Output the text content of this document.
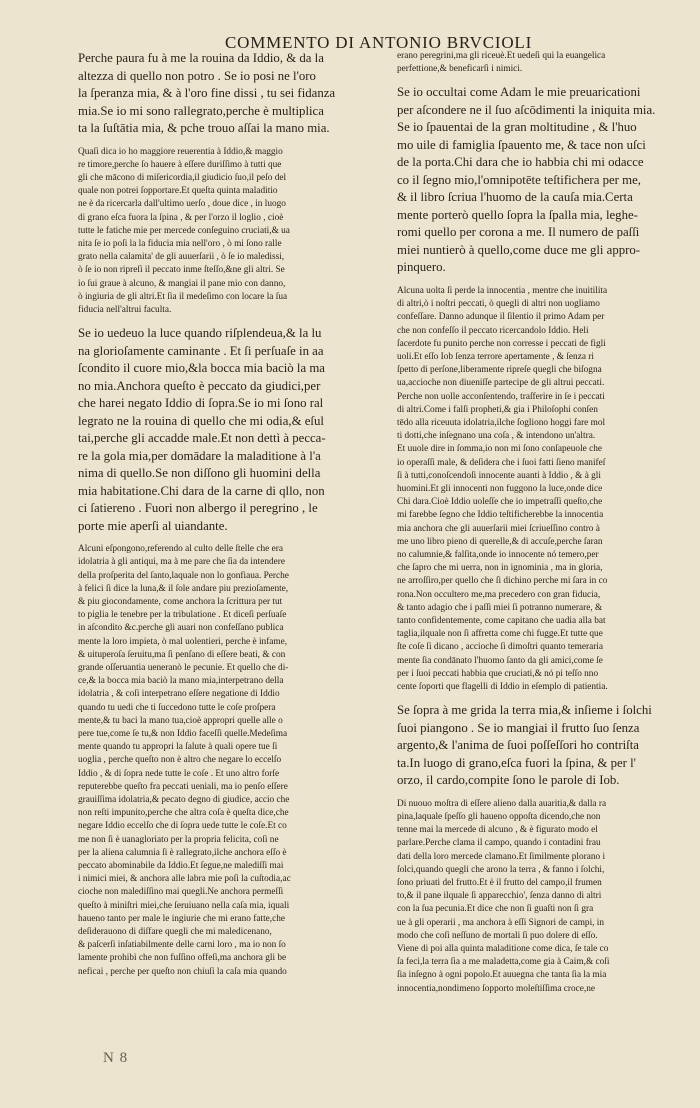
COMMENTO DI ANTONIO BRVCIOLI
Perche paura fu à me la rouina da Iddio, & da la
altezza di quello non potro . Se io posi ne l'oro
la ſperanza mia, & à l'oro fine dissi , tu sei fidanza
mia.Se io mi sono rallegrato,perche è multiplica
ta la ſuſtātia mia, & pche trouo aſſai la mano mia.
Quaſi dica io ho maggiore reuerentia à Iddio,& maggio
re timore,perche ſo hauere à eſſere duriſſimo à tutti que
gli che mācono di miſericordia,il giudicio ſuo,il peſo del
quale non potrei ſopportare.Et queſta quinta maladitio
ne è da ricercarla dall'ultimo uerſo , doue dice , in luogo
di grano eſca fuora la ſpina , & per l'orzo il loglio , cioè
tutte le fatiche mie per mercede conſeguino cruciati,& ua
nita ſe io poſi la la fiducia mia nell'oro , ò mi ſono ralle
grato nella calamita' de gli auuerſarii , ò ſe io maledissi,
ò ſe io non ripreſi il peccato inme ſteſſo,&ne gli altri. Se
io ſui graue à alcuno, & mangiai il pane mio con danno,
ò ingiuria de gli altri.Et ſia il medeſimo con locare la ſua
fiducia nell'altrui faculta.
Se io uedeuo la luce quando riſplendeua,& la lu
na glorioſamente caminante . Et ſi perſuaſe in aa
ſcondito il cuore mio,&la bocca mia baciò la ma
no mia.Anchora queſto è peccato da giudici,per
che harei negato Iddio di ſopra.Se io mi ſono ral
legrato ne la rouina di quello che mi odia,& eſul
tai,perche gli accadde male.Et non dettì à pecca-
re la gola mia,per domādare la maladitione à l'a
nima di quello.Se non diſſono gli huomini della
mia habitatione.Chi dara de la carne di qllo, non
ci ſatiereno . Fuori non albergo il peregrino , le
porte mie aperſi al uiandante.
Alcuni eſpongono,referendo al culto delle ſtelle che era
idolatria à gli antiqui, ma à me pare che ſia da intendere
della proſperita del ſanto,laquale non lo gonfiaua. Perche
à felici ſi dice la luna,& il ſole andare piu prezioſamente,
& piu giocondamente, come anchora la ſcrittura per tut
to piglia le tenebre per la tribulatione . Et diceſi perſuaſe
in aſcondito &c.perche gli auari non confeſſano publica
mente la loro impieta, ò mal uolentieri, perche è infame,
& uituperoſa ſeruitu,ma ſi penſano di eſſere beati, & con
grande oſſeruantia ueneranò le pecunie. Et quello che di-
ce,& la bocca mia baciò la mano mia,interpetrano della
idolatria , & coſi interpetrano eſſere negatione di Iddio
quando tu uedi che ti ſuccedono tutte le coſe proſpera
mente,& tu baci la mano tua,cioè appropri quelle alle o
pere tue,come ſe tu,& non Iddio faceſſi quelle.Medeſima
mente quando tu appropri la ſalute à quali opere tue ſi
uoglia , perche queſto non è altro che negare lo eccelſo
Iddio , & di ſopra nede tutte le coſe . Et uno altro forſe
reputerebbe queſto fra peccati ueniali, ma io penſo eſſere
grauiſſima idolatria,& pecato degno di giudice, accio che
non reſti impunito,perche che altra coſa è queſta dice,che
negare Iddio eccelſo che di ſopra uede tutte le coſe.Et co
me non ſi è uanagloriato per la propria felicita, coſi ne
per la aliena calumnia ſi è rallegrato,ilche anchora eſſo è
peccato abominabile da Iddio.Et ſegue,ne malediſſi mai
i nimici miei, & anchora alle labra mie poſi la cuſtodia,ac
cioche non malediſſino mai quegli.Ne anchora permeſſi
queſto à miniſtri miei,che ſeruiuano nella caſa mia, iquali
haueno tanto per male le ingiurie che mi erano fatte,che
deſiderauono di diſfare quegli che mi maledicenano,
& paſcerſi inſatiabilmente delle carni loro , ma io non ſo
lamente prohibì che non fuſſino offeſi,ma anchora gli be
neficai , perche per queſto non chiuſi la caſa mia quando
erano peregrini,ma gli riceuè.Et uedeſi qui la euangelica
perfettione,& beneficarſi i nimici.
Se io occultai come Adam le mie preuaricationi
per aſcondere ne il ſuo aſcōdimenti la iniquita mia.
Se io ſpauentai de la gran moltitudine , & l'huo
mo uile di famiglia ſpauento me, & tace non uſci
de la porta.Chi dara che io habbia chi mi odacce
co il ſegno mio,l'omnipotēte teſtifichera per me,
& il libro ſcriua l'huomo de la cauſa mia.Certa
mente porterò quello ſopra la ſpalla mia, leghe-
romi quello per corona a me. Il numero de paſſi
miei nuntierò à quello,come duce me gli appro-
pinquero.
Alcuna uolta ſi perde la innocentia , mentre che inuitilita
di altri,ò i noſtri peccati, ò quegli di altri non uogliamo
confeſſare. Danno adunque il ſilentio il primo Adam per
che non confeſſo il peccato ricercandolo Iddio. Heli
ſacerdote fu punito perche non corresse i peccati de figli
uoli.Et eſſo Iob ſenza terrore apertamente , & ſenza ri
ſpetto di perſone,liberamente ripreſe quegli che biſogna
ua,accioche non diueniſſe partecipe de gli altrui peccati.
Perche non uolle acconſentendo, traſferire in ſe i peccati
di altri.Come i falſi propheti,& gia i Philoſophi conſen
tēdo alla riceuuta idolatria,ilche ſogliono hoggi fare mol
ti dotti,che inſegnano una coſa , & intendono un'altra.
Et uuole dire in ſomma,io non mi ſono conſapeuole che
io operaſſi male, & deſidera che i ſuoi fatti ſieno manifeſ
ſi à tutti,conoſcendoſi innocente auanti à Iddio , & à gli
huomini.Et gli innocenti non fuggono la luce,onde dice
Chi dara.Cioè Iddio uoleſſe che io impetraſſi queſto,che
mi farebbe ſegno che Iddio teſtificherebbe la innocentia
mia anchora che gli auuerſarii miei ſcriueſſino contro à
me uno libro pieno di querelle,& di accuſe,perche ſaran
no calumnie,& falſita,onde io innocente nó temero,per
che ſapro che mi uerra, non in ignominia , ma in gloria,
ne arroſſiro,per quello che ſi dichino perche mi ſara in co
rona.Non occultero me,ma precedero con gran fiducia,
& tanto adagio che i paſſi miei ſi potranno numerare, &
tanto confidentemente, come capitano che uadia alla bat
taglia,ilquale non ſi affretta come chi fugge.Et tutte que
ſte coſe ſi dicano , accioche ſi dimoſtri quanto temeraria
mente ſia condānato l'huomo ſanto da gli amici,come ſe
per i ſuoi peccati habbia que cruciati,& nó pi teſſo nno
cente ſoporti que flagelli di Iddio in eſemplo di patientia.
Se ſopra à me grida la terra mia,& inſieme i ſolchi
ſuoi piangono . Se io mangiai il frutto ſuo ſenza
argento,& l'anima de ſuoi poſſeſſori ho contriſta
ta.In luogo di grano,eſca fuori la ſpina, & per l'
orzo, il cardo,compite ſono le parole di Iob.
Di nuouo moſtra di eſſere alieno dalla auaritia,& dalla ra
pina,laquale ſpeſſo gli haueno oppoſta dicendo,che non
tenne mai la mercede di alcuno , & è figurato modo el
parlare.Perche clama il campo, quando i contadini frau
dati della loro mercede clamano.Et ſimilmente plorano i
ſolci,quando quegli che arono la terra , & fanno i ſolchi,
ſono priuati del frutto.Et è il frutto del campo,il frumen
to,& il pane ilquale ſi apparecchio', ſenza danno di altri
con la ſua pecunia.Et dice che non ſi guaſti non ſi gra
ue à gli operarii , ma anchora à eſſi Signori de campi, in
modo che coſi neſſuno de mortali ſi puo dolere di eſſo.
Viene di poi alla quinta maladitione come dica, ſe tale co
ſa feci,la terra ſia a me maladetta,come gia à Caim,& coſi
ſia inſegno à ogni popolo.Et auuegna che tanta ſia la mia
innocentia,nondimeno ſopporto moleſtiſſima croce,ne
N 8
